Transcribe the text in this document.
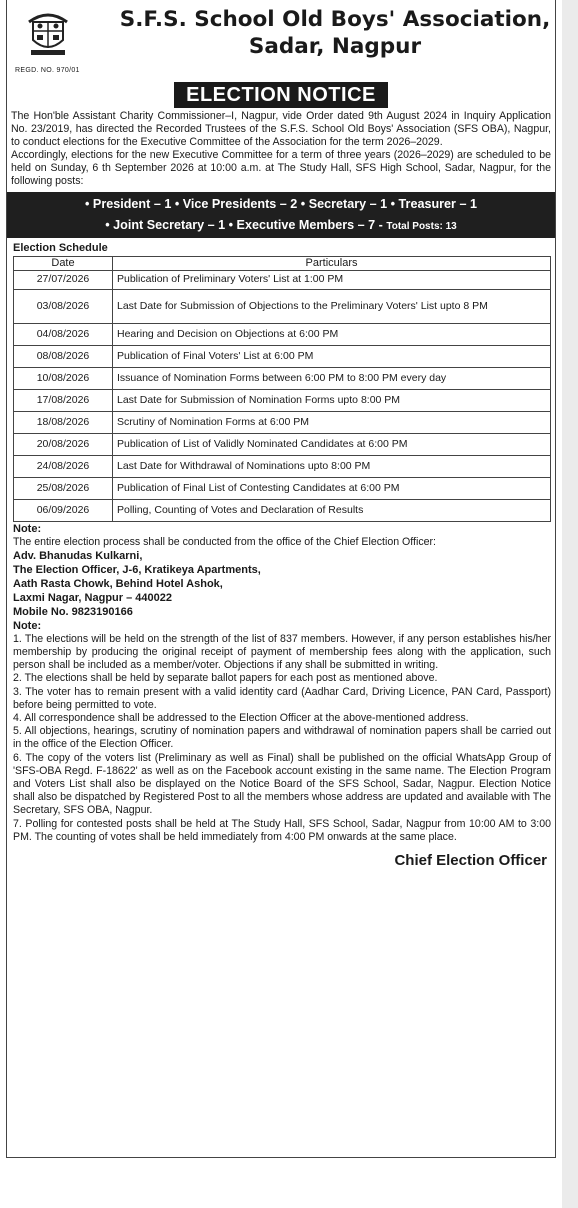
REGD. NO. 970/01
S.F.S. School Old Boys' Association,
Sadar, Nagpur
ELECTION NOTICE

The Hon'ble Assistant Charity Commissioner–I, Nagpur, vide Order dated 9th August 2024 in Inquiry Application No. 23/2019, has directed the Recorded Trustees of the S.F.S. School Old Boys' Association (SFS OBA), Nagpur, to conduct elections for the Executive Committee of the Association for the term 2026–2029.

Accordingly, elections for the new Executive Committee for a term of three years (2026–2029) are scheduled to be held on Sunday, 6 th September 2026 at 10:00 a.m. at The Study Hall, SFS High School, Sadar, Nagpur, for the following posts:

• President – 1 • Vice Presidents – 2 • Secretary – 1 • Treasurer – 1
• Joint Secretary – 1 • Executive Members – 7 - Total Posts: 13
Election Schedule
Date	Particulars
27/07/2026	Publication of Preliminary Voters' List at 1:00 PM
03/08/2026	Last Date for Submission of Objections to the Preliminary Voters' List upto 8 PM
04/08/2026	Hearing and Decision on Objections at 6:00 PM
08/08/2026	Publication of Final Voters' List at 6:00 PM
10/08/2026	Issuance of Nomination Forms between 6:00 PM to 8:00 PM every day
17/08/2026	Last Date for Submission of Nomination Forms upto 8:00 PM
18/08/2026	Scrutiny of Nomination Forms at 6:00 PM
20/08/2026	Publication of List of Validly Nominated Candidates at 6:00 PM
24/08/2026	Last Date for Withdrawal of Nominations upto 8:00 PM
25/08/2026	Publication of Final List of Contesting Candidates at 6:00 PM
06/09/2026	Polling, Counting of Votes and Declaration of Results
Note:
The entire election process shall be conducted from the office of the Chief Election Officer:
Adv. Bhanudas Kulkarni,
The Election Officer, J-6, Kratikeya Apartments,
Aath Rasta Chowk, Behind Hotel Ashok,
Laxmi Nagar, Nagpur – 440022
Mobile No. 9823190166
Note:

1. The elections will be held on the strength of the list of 837 members. However, if any person establishes his/her membership by producing the original receipt of payment of membership fees along with the application, such person shall be included as a member/voter. Objections if any shall be submitted in writing.

2. The elections shall be held by separate ballot papers for each post as mentioned above.

3. The voter has to remain present with a valid identity card (Aadhar Card, Driving Licence, PAN Card, Passport) before being permitted to vote.

4. All correspondence shall be addressed to the Election Officer at the above-mentioned address.

5. All objections, hearings, scrutiny of nomination papers and withdrawal of nomination papers shall be carried out in the office of the Election Officer.

6. The copy of the voters list (Preliminary as well as Final) shall be published on the official WhatsApp Group of 'SFS-OBA Regd. F-18622' as well as on the Facebook account existing in the same name. The Election Program and Voters List shall also be displayed on the Notice Board of the SFS School, Sadar, Nagpur. Election Notice shall also be dispatched by Registered Post to all the members whose address are updated and available with The Secretary, SFS OBA, Nagpur.

7. Polling for contested posts shall be held at The Study Hall, SFS School, Sadar, Nagpur from 10:00 AM to 3:00 PM. The counting of votes shall be held immediately from 4:00 PM onwards at the same place.

Chief Election Officer
